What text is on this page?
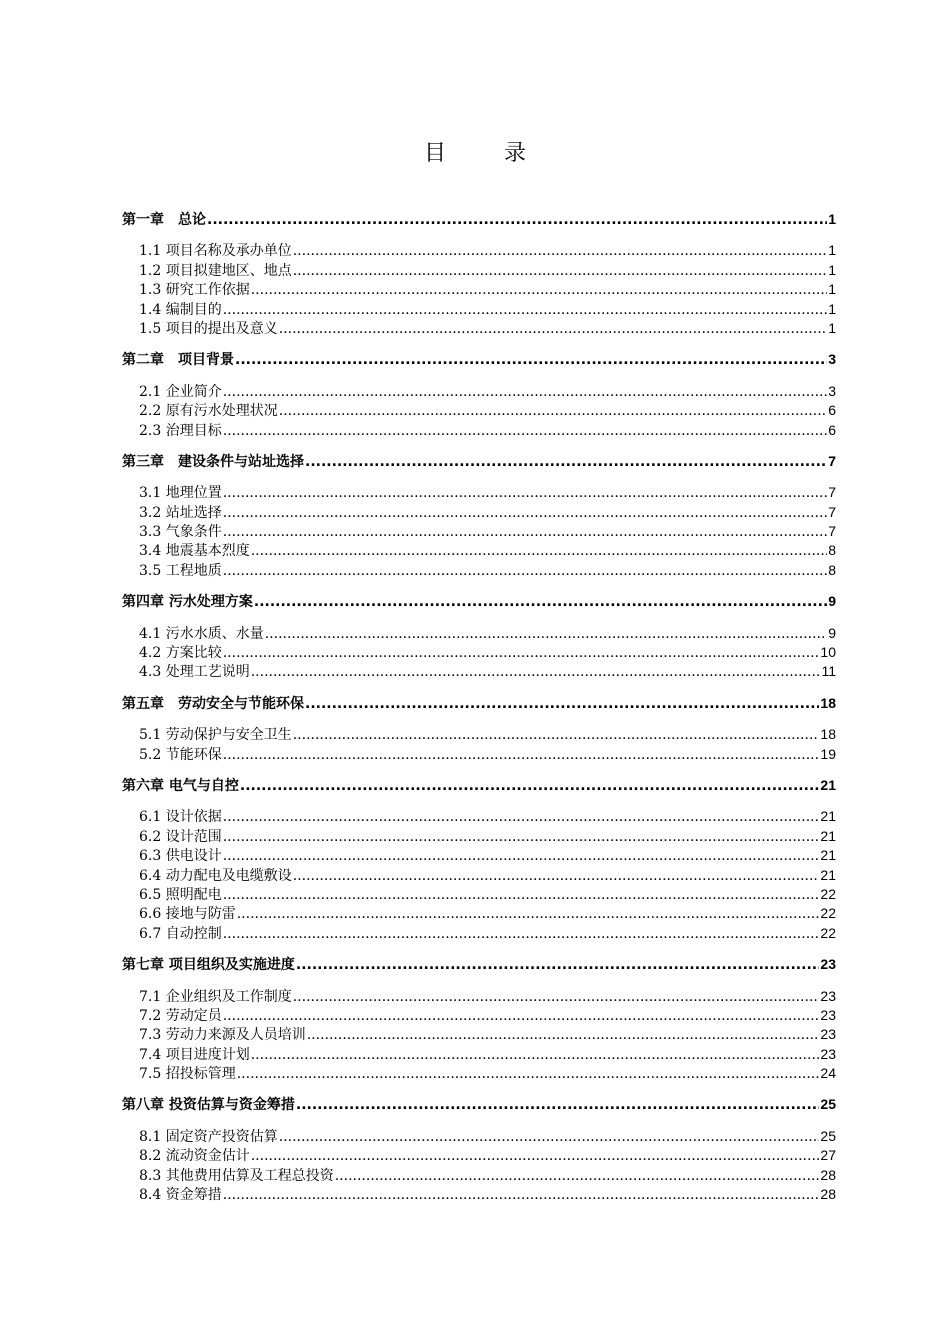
目	录
第一章　总论 .....	1
1.1 项目名称及承办单位 .....	1
1.2 项目拟建地区、地点 .....	1
1.3 研究工作依据 .....	1
1.4 编制目的 .....	1
1.5 项目的提出及意义 .....	1
第二章　项目背景 .....	3
2.1 企业简介 .....	3
2.2 原有污水处理状况 .....	6
2.3 治理目标 .....	6
第三章　建设条件与站址选择 .....	7
3.1 地理位置 .....	7
3.2 站址选择 .....	7
3.3 气象条件 .....	7
3.4 地震基本烈度 .....	8
3.5 工程地质 .....	8
第四章 污水处理方案 .....	9
4.1 污水水质、水量 .....	9
4.2 方案比较 .....	10
4.3 处理工艺说明 .....	11
第五章　劳动安全与节能环保 .....	18
5.1 劳动保护与安全卫生 .....	18
5.2 节能环保 .....	19
第六章 电气与自控 .....	21
6.1 设计依据 .....	21
6.2 设计范围 .....	21
6.3 供电设计 .....	21
6.4 动力配电及电缆敷设 .....	21
6.5 照明配电 .....	22
6.6 接地与防雷 .....	22
6.7 自动控制 .....	22
第七章 项目组织及实施进度 .....	23
7.1 企业组织及工作制度 .....	23
7.2 劳动定员 .....	23
7.3 劳动力来源及人员培训 .....	23
7.4 项目进度计划 .....	23
7.5 招投标管理 .....	24
第八章 投资估算与资金筹措 .....	25
8.1 固定资产投资估算 .....	25
8.2 流动资金估计 .....	27
8.3 其他费用估算及工程总投资 .....	28
8.4 资金筹措 .....	28
